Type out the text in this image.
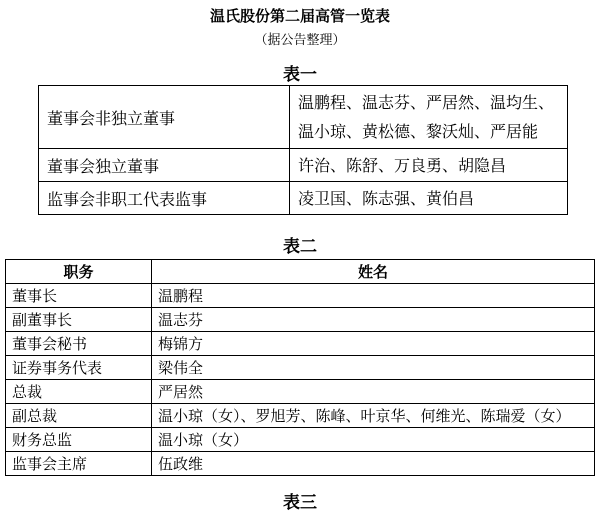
温氏股份第二届高管一览表
（据公告整理）
表一
董事会非独立董事	温鹏程、温志芬、严居然、温均生、
温小琼、黄松德、黎沃灿、严居能

董事会独立董事	许治、陈舒、万良勇、胡隐昌
监事会非职工代表监事	凌卫国、陈志强、黄伯昌
表二
职务	姓名
董事长	温鹏程
副董事长	温志芬
董事会秘书	梅锦方
证券事务代表	梁伟全
总裁	严居然
副总裁	温小琼（女）、罗旭芳、陈峰、叶京华、何维光、陈瑞爱（女）
财务总监	温小琼（女）
监事会主席	伍政维
表三
